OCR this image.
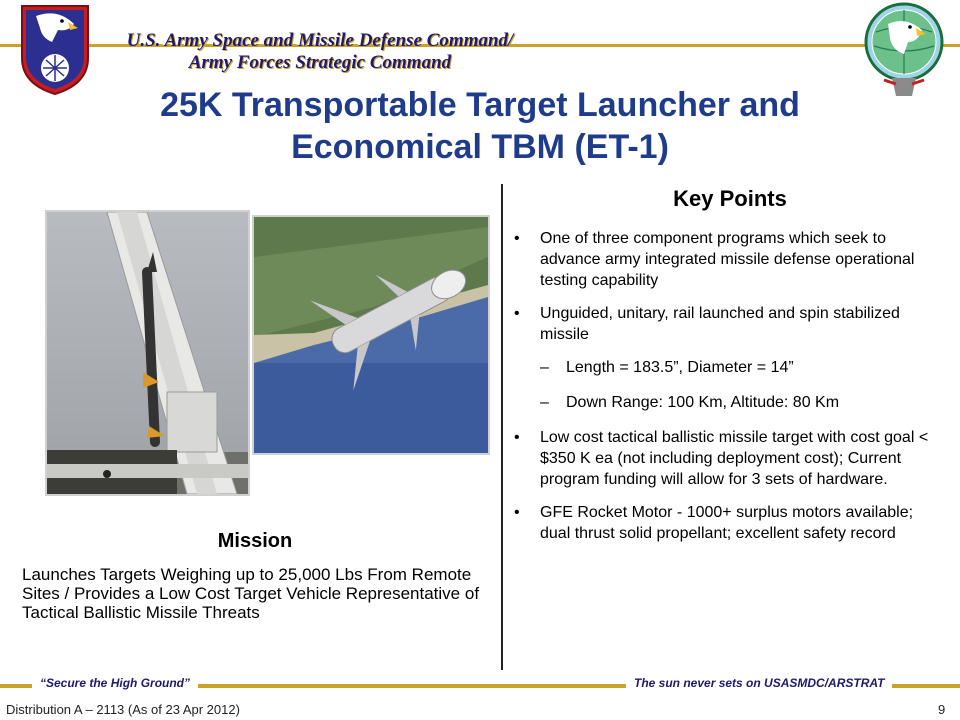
U.S. Army Space and Missile Defense Command/
Army Forces Strategic Command
25K Transportable Target Launcher and
Economical TBM (ET-1)
Mission
Launches Targets Weighing up to 25,000 Lbs From Remote Sites / Provides a Low Cost Target Vehicle Representative of Tactical Ballistic Missile Threats
Key Points
• One of three component programs which seek to advance army integrated missile defense operational testing capability
• Unguided, unitary, rail launched and spin stabilized missile
– Length = 183.5”, Diameter = 14”
– Down Range: 100 Km, Altitude: 80 Km
• Low cost tactical ballistic missile target with cost goal < $350 K ea (not including deployment cost); Current program funding will allow for 3 sets of hardware.
• GFE Rocket Motor - 1000+ surplus motors available; dual thrust solid propellant; excellent safety record
“Secure the High Ground”	The sun never sets on USASMDC/ARSTRAT
Distribution A – 2113 (As of 23 Apr 2012)	9
